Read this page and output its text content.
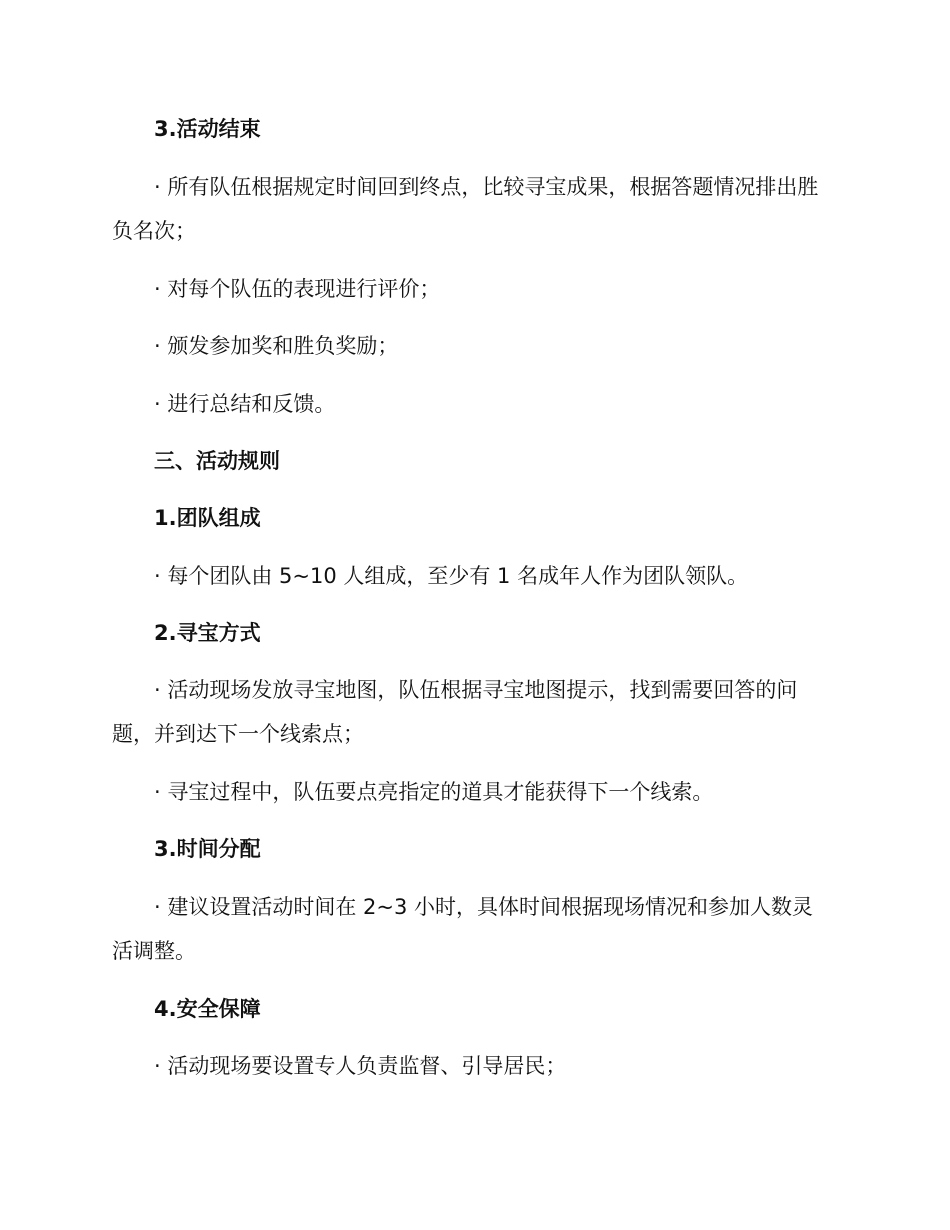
3.活动结束

· 所有队伍根据规定时间回到终点，比较寻宝成果，根据答题情况排出胜负名次；

· 对每个队伍的表现进行评价；

· 颁发参加奖和胜负奖励；

· 进行总结和反馈。

三、活动规则

1.团队组成

· 每个团队由 5~10 人组成，至少有 1 名成年人作为团队领队。

2.寻宝方式

· 活动现场发放寻宝地图，队伍根据寻宝地图提示，找到需要回答的问题，并到达下一个线索点；

· 寻宝过程中，队伍要点亮指定的道具才能获得下一个线索。

3.时间分配

· 建议设置活动时间在 2~3 小时，具体时间根据现场情况和参加人数灵活调整。

4.安全保障

· 活动现场要设置专人负责监督、引导居民；
